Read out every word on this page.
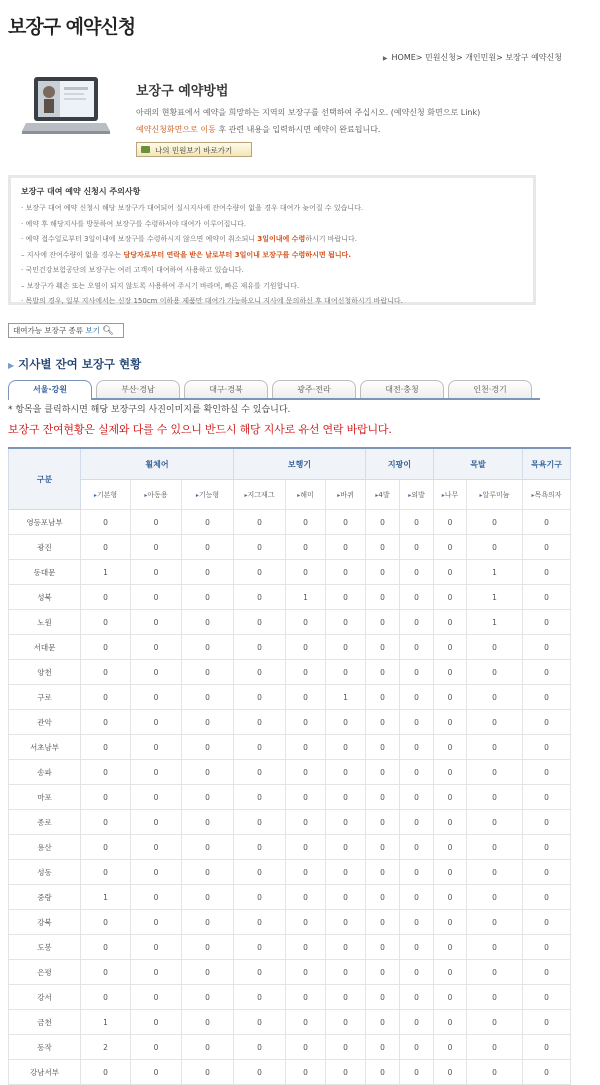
보장구 예약신청
▶ HOME> 민원신청> 개인민원> 보장구 예약신청
보장구 예약방법
아래의 현황표에서 예약을 희망하는 지역의 보장구를 선택하여 주십시오. (예약신청 화면으로 Link)
예약신청화면으로 이동 후 관련 내용을 입력하시면 예약이 완료됩니다.
나의 민원보기 바로가기
보장구 대여 예약 신청시 주의사항
· 보장구 대여 예약 신청시 해당 보장구가 대여되어 실시지사에 잔여수량이 없을 경우 대여가 늦어질 수 있습니다.
· 예약 후 해당지사를 방문하여 보장구를 수령하셔야 대여가 이루어집니다.
· 예약 접수일로부터 3일이내에 보장구를 수령하시지 않으면 예약이 취소되니 3일이내에 수령하시기 바랍니다.
– 지사에 잔여수량이 없을 경우는 담당자로부터 연락을 받은 날로부터 3일이내 보장구를 수령하시면 됩니다.
· 국민건강보험공단의 보장구는 여러 고객이 대여하여 사용하고 있습니다.
– 보장구가 훼손 또는 오염이 되지 않도록 사용하여 주시기 바라며, 빠른 제유를 기원합니다.
· 목발의 경우, 일부 지사에서는 신장 150cm 이하용 제품만 대여가 가능하오니 지사에 문의하신 후 대여신청하시기 바랍니다.
대여가능 보장구 종류 보기 🔍︎
▶ 지사별 잔여 보장구 현황
서울·강원	부산·경남	대구·경북	광주·전라	대전·충청	인천·경기
* 항목을 클릭하시면 해당 보장구의 사진이미지를 확인하실 수 있습니다.
보장구 잔여현황은 실제와 다를 수 있으니 반드시 해당 지사로 유선 연락 바랍니다.
구분	휠체어			보행기			지팡이		목발		목욕기구
	▸기본형	▸아동용	▸기능형	▸지그재그	▸해미	▸바퀴	▸4발	▸외발	▸나무	▸알루미늄	▸목욕의자
영등포남부	0	0	0	0	0	0	0	0	0	0	0
광진	0	0	0	0	0	0	0	0	0	0	0
동대문	1	0	0	0	0	0	0	0	0	1	0
성북	0	0	0	0	1	0	0	0	0	1	0
노원	0	0	0	0	0	0	0	0	0	1	0
서대문	0	0	0	0	0	0	0	0	0	0	0
양천	0	0	0	0	0	0	0	0	0	0	0
구로	0	0	0	0	0	1	0	0	0	0	0
관악	0	0	0	0	0	0	0	0	0	0	0
서초남부	0	0	0	0	0	0	0	0	0	0	0
송파	0	0	0	0	0	0	0	0	0	0	0
마포	0	0	0	0	0	0	0	0	0	0	0
종로	0	0	0	0	0	0	0	0	0	0	0
용산	0	0	0	0	0	0	0	0	0	0	0
성동	0	0	0	0	0	0	0	0	0	0	0
중랑	1	0	0	0	0	0	0	0	0	0	0
강북	0	0	0	0	0	0	0	0	0	0	0
도봉	0	0	0	0	0	0	0	0	0	0	0
은평	0	0	0	0	0	0	0	0	0	0	0
강서	0	0	0	0	0	0	0	0	0	0	0
금천	1	0	0	0	0	0	0	0	0	0	0
동작	2	0	0	0	0	0	0	0	0	0	0
강남서부	0	0	0	0	0	0	0	0	0	0	0
